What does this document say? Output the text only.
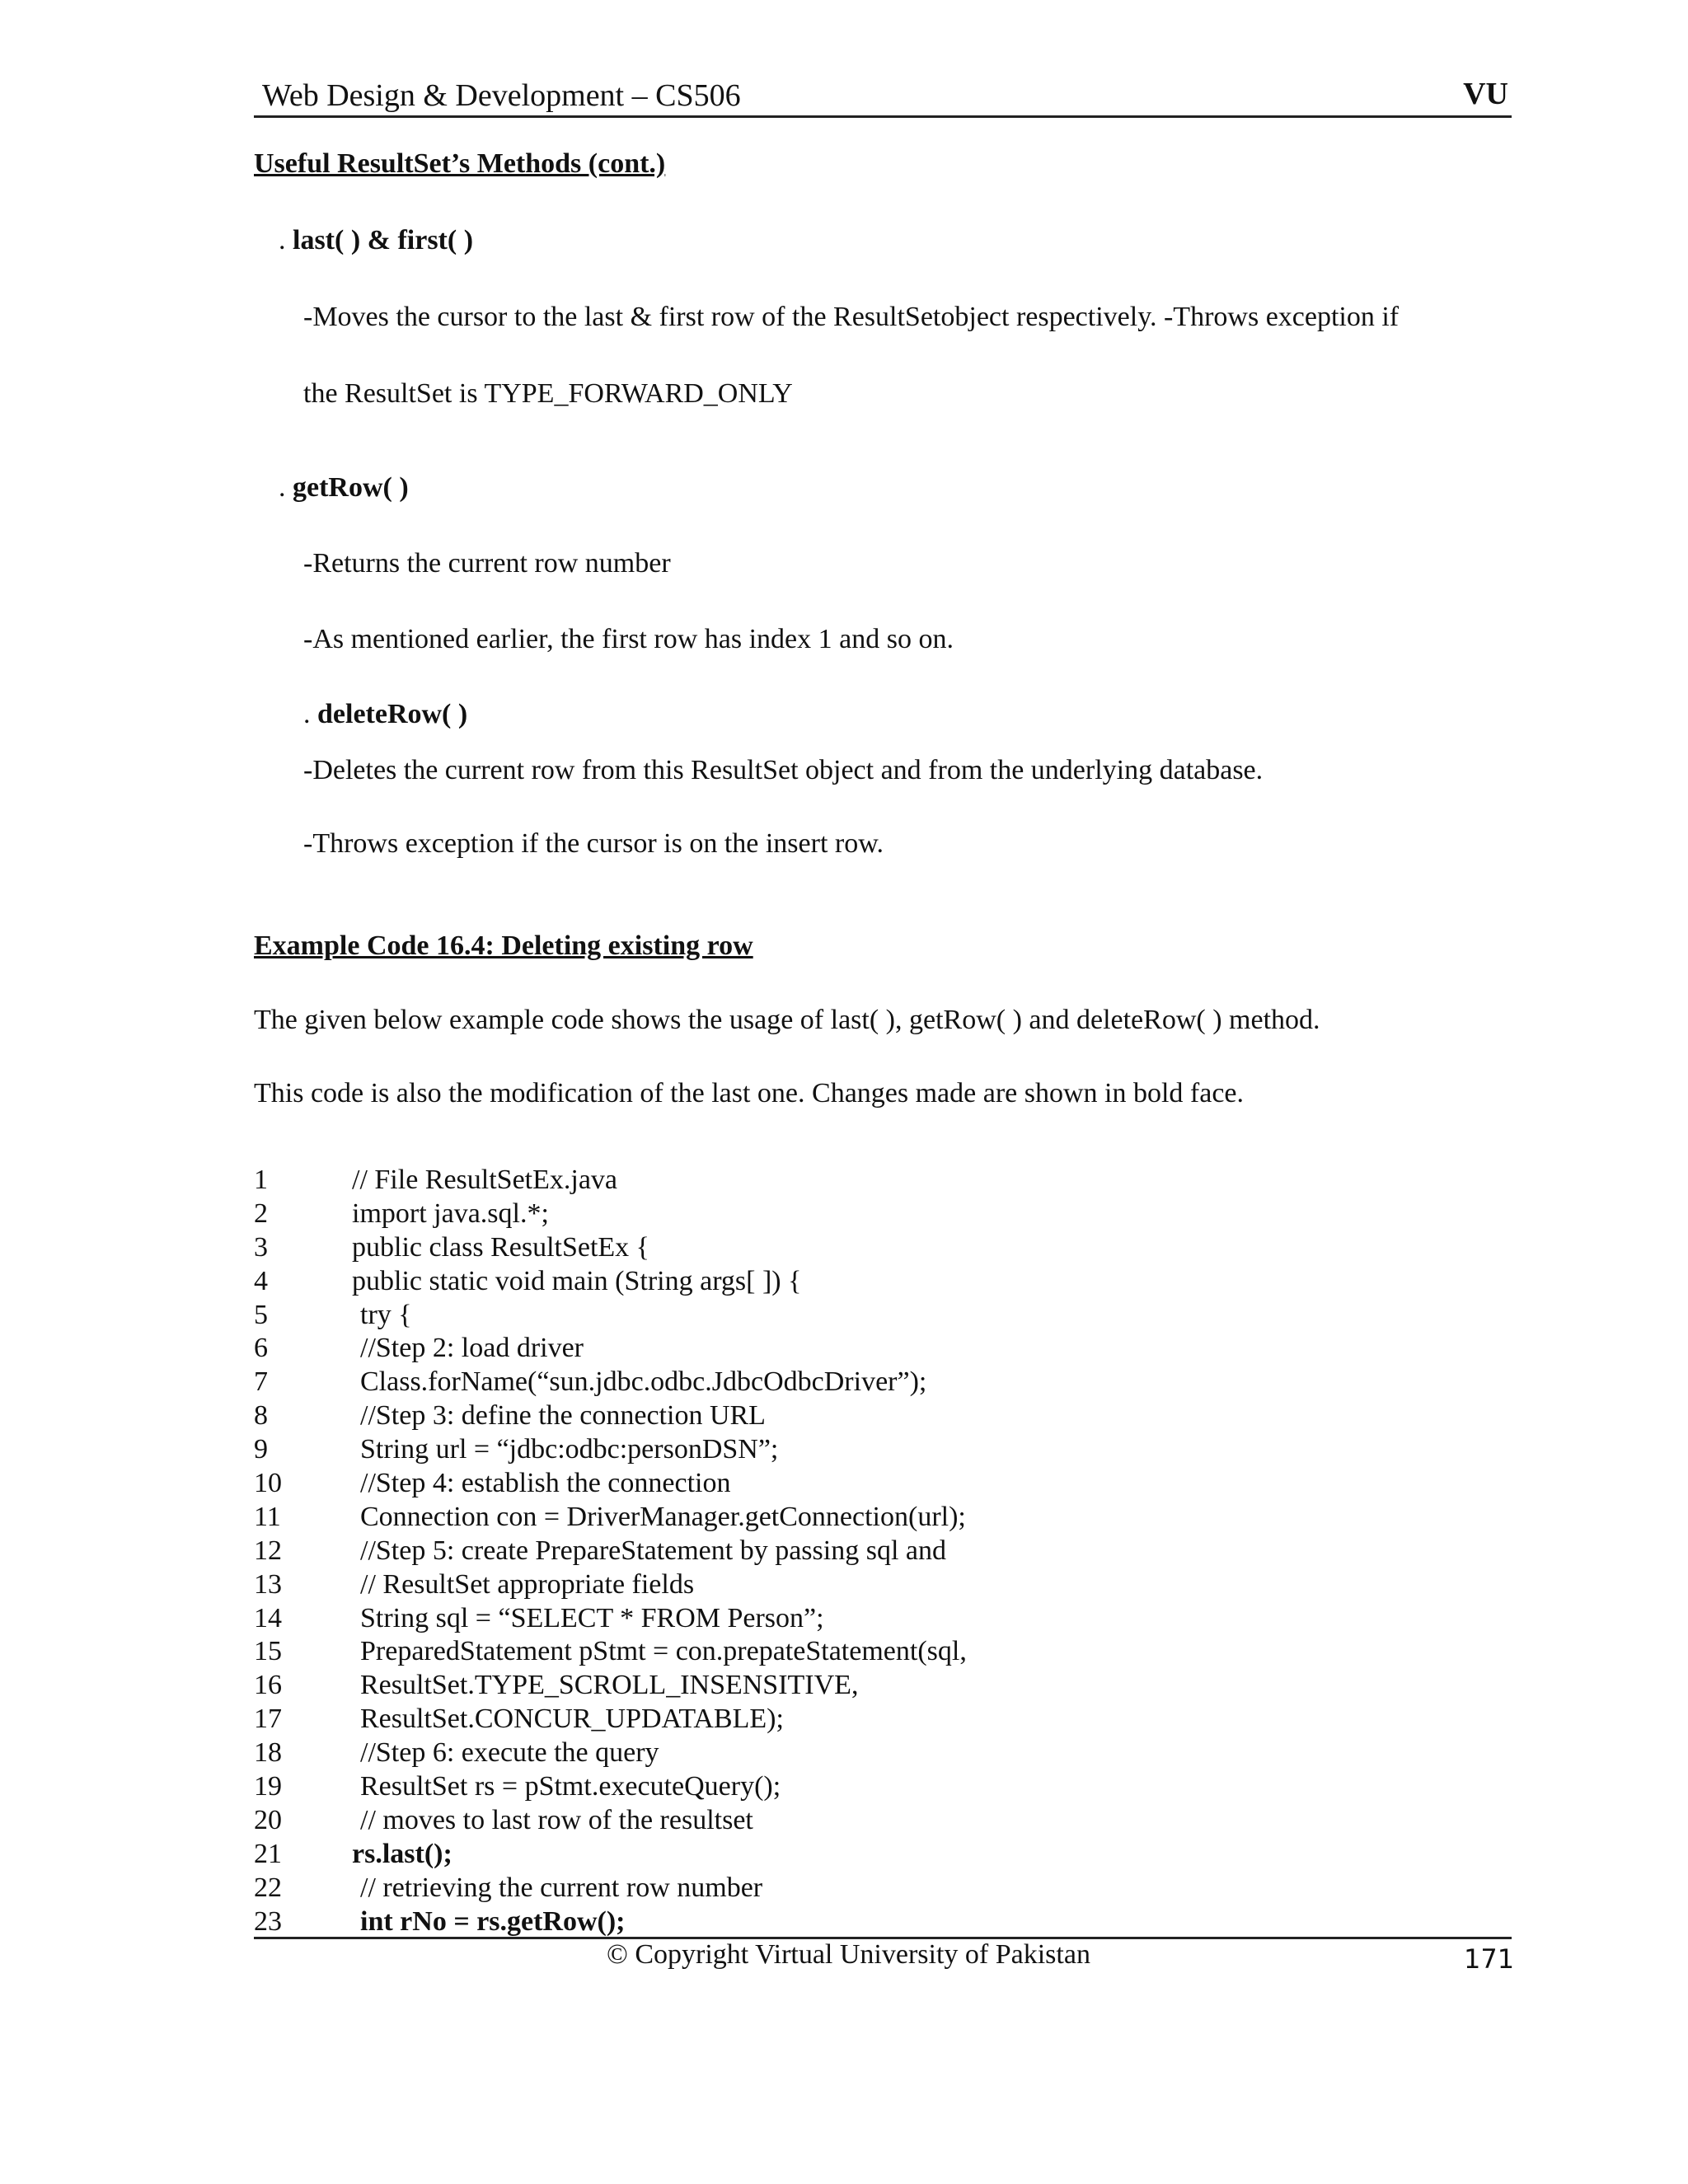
Web Design & Development – CS506	VU
Useful ResultSet’s Methods (cont.)
. last( ) & first( )
-Moves the cursor to the last & first row of the ResultSetobject respectively. -Throws exception if
the ResultSet is TYPE_FORWARD_ONLY
. getRow( )
-Returns the current row number
-As mentioned earlier, the first row has index 1 and so on.
. deleteRow( )
-Deletes the current row from this ResultSet object and from the underlying database.
-Throws exception if the cursor is on the insert row.
Example Code 16.4: Deleting existing row
The given below example code shows the usage of last( ), getRow( ) and deleteRow( ) method.
This code is also the modification of the last one. Changes made are shown in bold face.
1	// File ResultSetEx.java
2	import java.sql.*;
3	public class ResultSetEx {
4	public static void main (String args[ ]) {
5	try {
6	//Step 2: load driver
7	Class.forName(“sun.jdbc.odbc.JdbcOdbcDriver”);
8	//Step 3: define the connection URL
9	String url = “jdbc:odbc:personDSN”;
10	//Step 4: establish the connection
11	Connection con = DriverManager.getConnection(url);
12	//Step 5: create PrepareStatement by passing sql and
13	// ResultSet appropriate fields
14	String sql = “SELECT * FROM Person”;
15	PreparedStatement pStmt = con.prepateStatement(sql,
16	ResultSet.TYPE_SCROLL_INSENSITIVE,
17	ResultSet.CONCUR_UPDATABLE);
18	//Step 6: execute the query
19	ResultSet rs = pStmt.executeQuery();
20	// moves to last row of the resultset
21	rs.last();
22	// retrieving the current row number
23	int rNo = rs.getRow();
© Copyright Virtual University of Pakistan	171
